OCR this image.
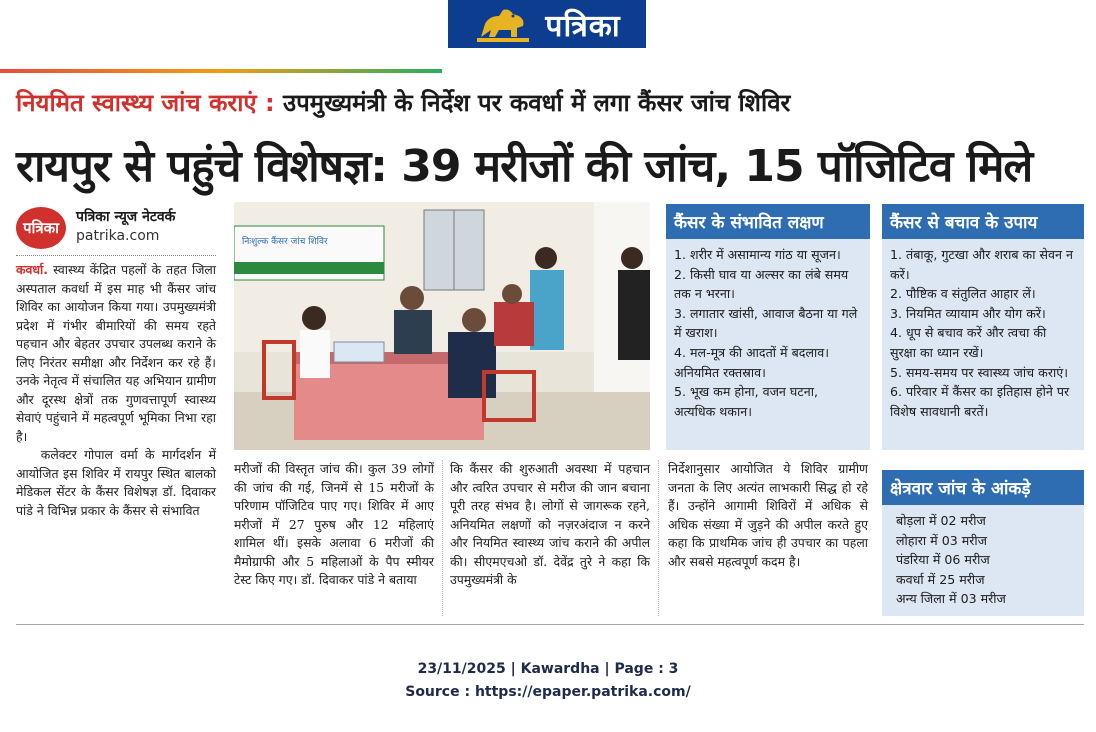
पत्रिका
नियमित स्वास्थ्य जांच कराएं : उपमुख्यमंत्री के निर्देश पर कवर्धा में लगा कैंसर जांच शिविर
रायपुर से पहुंचे विशेषज्ञ: 39 मरीजों की जांच, 15 पॉजिटिव मिले
पत्रिका
पत्रिका न्यूज नेटवर्क
patrika.com

कवर्धा. स्वास्थ्य केंद्रित पहलों के तहत जिला अस्पताल कवर्धा में इस माह भी कैंसर जांच शिविर का आयोजन किया गया। उपमुख्यमंत्री प्रदेश में गंभीर बीमारियों की समय रहते पहचान और बेहतर उपचार उपलब्ध कराने के लिए निरंतर समीक्षा और निर्देशन कर रहे हैं। उनके नेतृत्व में संचालित यह अभियान ग्रामीण और दूरस्थ क्षेत्रों तक गुणवत्तापूर्ण स्वास्थ्य सेवाएं पहुंचाने में महत्वपूर्ण भूमिका निभा रहा है।

कलेक्टर गोपाल वर्मा के मार्गदर्शन में आयोजित इस शिविर में रायपुर स्थित बालको मेडिकल सेंटर के कैंसर विशेषज्ञ डॉ. दिवाकर पांडे ने विभिन्न प्रकार के कैंसर से संभावित

निःशुल्क कैंसर जांच शिविर
मरीजों की विस्तृत जांच की। कुल 39 लोगों की जांच की गई, जिनमें से 15 मरीजों के परिणाम पॉजिटिव पाए गए। शिविर में आए मरीजों में 27 पुरुष और 12 महिलाएं शामिल थीं। इसके अलावा 6 मरीजों की मैमोग्राफी और 5 महिलाओं के पैप स्मीयर टेस्ट किए गए। डॉ. दिवाकर पांडे ने बताया
कि कैंसर की शुरुआती अवस्था में पहचान और त्वरित उपचार से मरीज की जान बचाना पूरी तरह संभव है। लोगों से जागरूक रहने, अनियमित लक्षणों को नज़रअंदाज न करने और नियमित स्वास्थ्य जांच कराने की अपील की। सीएमएचओ डॉ. देवेंद्र तुरे ने कहा कि उपमुख्यमंत्री के
निर्देशानुसार आयोजित ये शिविर ग्रामीण जनता के लिए अत्यंत लाभकारी सिद्ध हो रहे हैं। उन्होंने आगामी शिविरों में अधिक से अधिक संख्या में जुड़ने की अपील करते हुए कहा कि प्राथमिक जांच ही उपचार का पहला और सबसे महत्वपूर्ण कदम है।
कैंसर के संभावित लक्षण
1. शरीर में असामान्य गांठ या सूजन।
2. किसी घाव या अल्सर का लंबे समय तक न भरना।
3. लगातार खांसी, आवाज बैठना या गले में खराश।
4. मल-मूत्र की आदतों में बदलाव। अनियमित रक्तस्राव।
5. भूख कम होना, वजन घटना, अत्यधिक थकान।
कैंसर से बचाव के उपाय
1. तंबाकू, गुटखा और शराब का सेवन न करें।
2. पौष्टिक व संतुलित आहार लें।
3. नियमित व्यायाम और योग करें।
4. धूप से बचाव करें और त्वचा की सुरक्षा का ध्यान रखें।
5. समय-समय पर स्वास्थ्य जांच कराएं।
6. परिवार में कैंसर का इतिहास होने पर विशेष सावधानी बरतें।
क्षेत्रवार जांच के आंकड़े
बोड़ला में 02 मरीज
लोहारा में 03 मरीज
पंडरिया में 06 मरीज
कवर्धा में 25 मरीज
अन्य जिला में 03 मरीज
23/11/2025 | Kawardha | Page : 3
Source : https://epaper.patrika.com/
